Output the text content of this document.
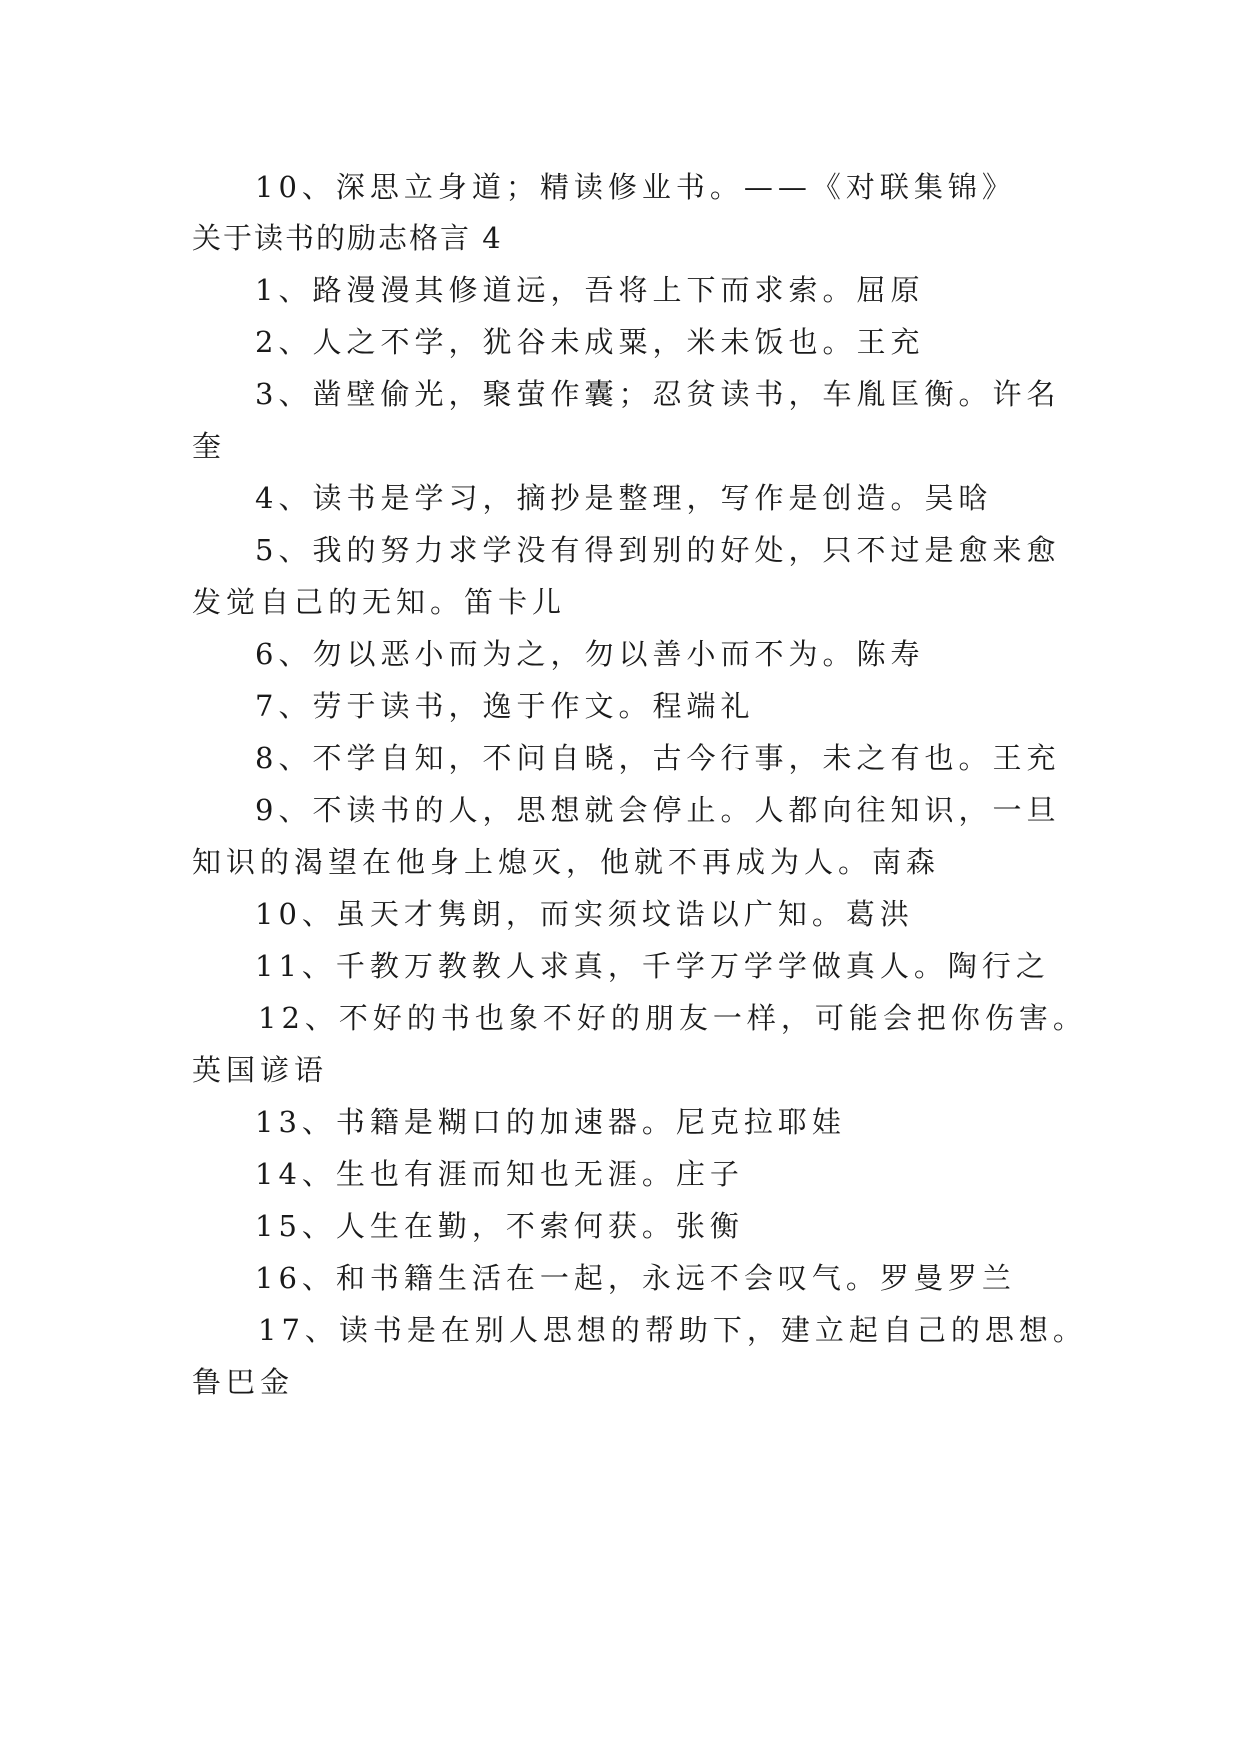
10、深思立身道；精读修业书。——《对联集锦》
关于读书的励志格言 4
1、路漫漫其修道远，吾将上下而求索。屈原
2、人之不学，犹谷未成粟，米未饭也。王充
3、凿壁偷光，聚萤作囊；忍贫读书，车胤匡衡。许名
奎
4、读书是学习，摘抄是整理，写作是创造。吴晗
5、我的努力求学没有得到别的好处，只不过是愈来愈
发觉自己的无知。笛卡儿
6、勿以恶小而为之，勿以善小而不为。陈寿
7、劳于读书，逸于作文。程端礼
8、不学自知，不问自晓，古今行事，未之有也。王充
9、不读书的人，思想就会停止。人都向往知识，一旦
知识的渴望在他身上熄灭，他就不再成为人。南森
10、虽天才隽朗，而实须坟诰以广知。葛洪
11、千教万教教人求真，千学万学学做真人。陶行之
12、不好的书也象不好的朋友一样，可能会把你伤害。
英国谚语
13、书籍是糊口的加速器。尼克拉耶娃
14、生也有涯而知也无涯。庄子
15、人生在勤，不索何获。张衡
16、和书籍生活在一起，永远不会叹气。罗曼罗兰
17、读书是在别人思想的帮助下，建立起自己的思想。
鲁巴金
